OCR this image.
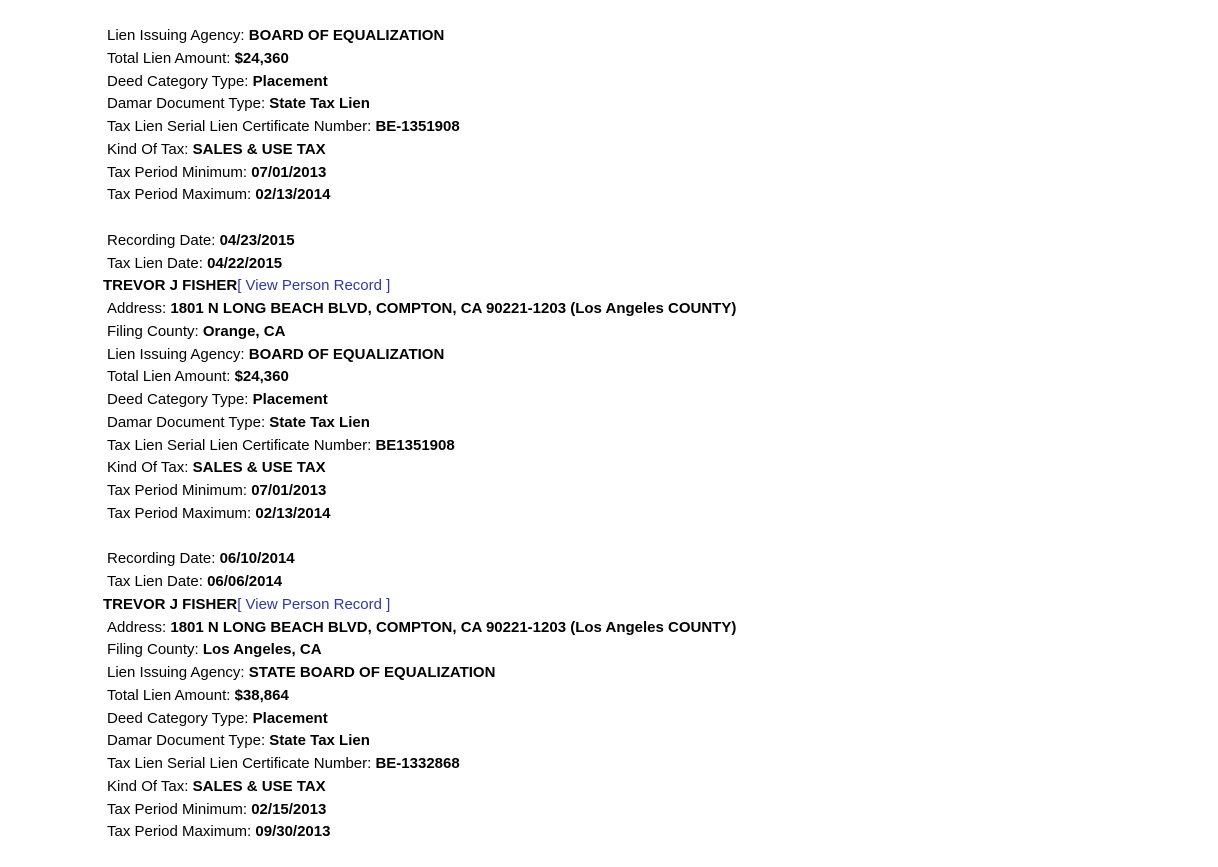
Lien Issuing Agency: BOARD OF EQUALIZATION
Total Lien Amount: $24,360
Deed Category Type: Placement
Damar Document Type: State Tax Lien
Tax Lien Serial Lien Certificate Number: BE-1351908
Kind Of Tax: SALES & USE TAX
Tax Period Minimum: 07/01/2013
Tax Period Maximum: 02/13/2014
Recording Date: 04/23/2015
Tax Lien Date: 04/22/2015
TREVOR J FISHER[ View Person Record ]
Address: 1801 N LONG BEACH BLVD, COMPTON, CA 90221-1203 (Los Angeles COUNTY)
Filing County: Orange, CA
Lien Issuing Agency: BOARD OF EQUALIZATION
Total Lien Amount: $24,360
Deed Category Type: Placement
Damar Document Type: State Tax Lien
Tax Lien Serial Lien Certificate Number: BE1351908
Kind Of Tax: SALES & USE TAX
Tax Period Minimum: 07/01/2013
Tax Period Maximum: 02/13/2014
Recording Date: 06/10/2014
Tax Lien Date: 06/06/2014
TREVOR J FISHER[ View Person Record ]
Address: 1801 N LONG BEACH BLVD, COMPTON, CA 90221-1203 (Los Angeles COUNTY)
Filing County: Los Angeles, CA
Lien Issuing Agency: STATE BOARD OF EQUALIZATION
Total Lien Amount: $38,864
Deed Category Type: Placement
Damar Document Type: State Tax Lien
Tax Lien Serial Lien Certificate Number: BE-1332868
Kind Of Tax: SALES & USE TAX
Tax Period Minimum: 02/15/2013
Tax Period Maximum: 09/30/2013
